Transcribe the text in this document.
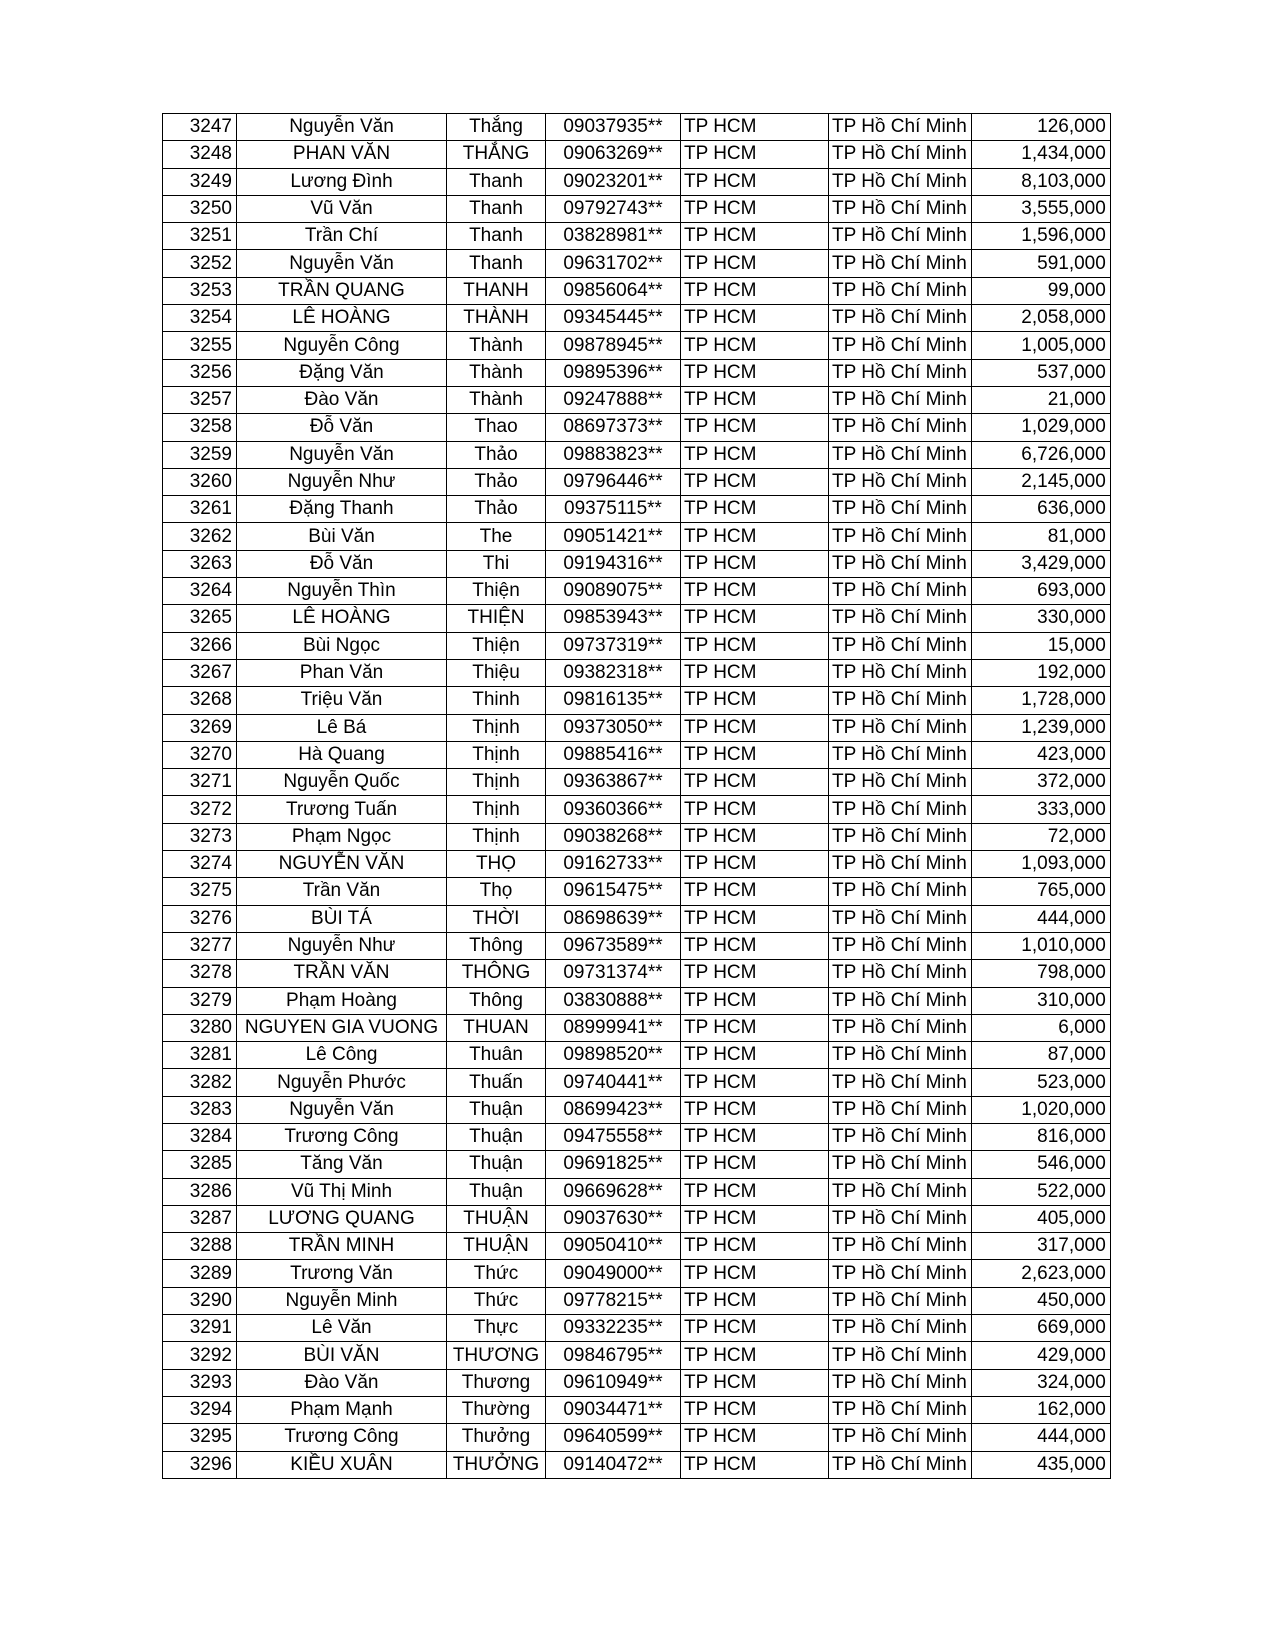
3247	Nguyễn Văn	Thắng	09037935**	TP HCM	TP Hồ Chí Minh	126,000
3248	PHAN VĂN	THẮNG	09063269**	TP HCM	TP Hồ Chí Minh	1,434,000
3249	Lương Đình	Thanh	09023201**	TP HCM	TP Hồ Chí Minh	8,103,000
3250	Vũ Văn	Thanh	09792743**	TP HCM	TP Hồ Chí Minh	3,555,000
3251	Trần Chí	Thanh	03828981**	TP HCM	TP Hồ Chí Minh	1,596,000
3252	Nguyễn Văn	Thanh	09631702**	TP HCM	TP Hồ Chí Minh	591,000
3253	TRẦN QUANG	THANH	09856064**	TP HCM	TP Hồ Chí Minh	99,000
3254	LÊ HOÀNG	THÀNH	09345445**	TP HCM	TP Hồ Chí Minh	2,058,000
3255	Nguyễn Công	Thành	09878945**	TP HCM	TP Hồ Chí Minh	1,005,000
3256	Đặng Văn	Thành	09895396**	TP HCM	TP Hồ Chí Minh	537,000
3257	Đào Văn	Thành	09247888**	TP HCM	TP Hồ Chí Minh	21,000
3258	Đỗ Văn	Thao	08697373**	TP HCM	TP Hồ Chí Minh	1,029,000
3259	Nguyễn Văn	Thảo	09883823**	TP HCM	TP Hồ Chí Minh	6,726,000
3260	Nguyễn Như	Thảo	09796446**	TP HCM	TP Hồ Chí Minh	2,145,000
3261	Đặng Thanh	Thảo	09375115**	TP HCM	TP Hồ Chí Minh	636,000
3262	Bùi Văn	The	09051421**	TP HCM	TP Hồ Chí Minh	81,000
3263	Đỗ Văn	Thi	09194316**	TP HCM	TP Hồ Chí Minh	3,429,000
3264	Nguyễn Thìn	Thiện	09089075**	TP HCM	TP Hồ Chí Minh	693,000
3265	LÊ HOÀNG	THIỆN	09853943**	TP HCM	TP Hồ Chí Minh	330,000
3266	Bùi Ngọc	Thiện	09737319**	TP HCM	TP Hồ Chí Minh	15,000
3267	Phan Văn	Thiệu	09382318**	TP HCM	TP Hồ Chí Minh	192,000
3268	Triệu Văn	Thinh	09816135**	TP HCM	TP Hồ Chí Minh	1,728,000
3269	Lê Bá	Thịnh	09373050**	TP HCM	TP Hồ Chí Minh	1,239,000
3270	Hà Quang	Thịnh	09885416**	TP HCM	TP Hồ Chí Minh	423,000
3271	Nguyễn Quốc	Thịnh	09363867**	TP HCM	TP Hồ Chí Minh	372,000
3272	Trương Tuấn	Thịnh	09360366**	TP HCM	TP Hồ Chí Minh	333,000
3273	Phạm Ngọc	Thịnh	09038268**	TP HCM	TP Hồ Chí Minh	72,000
3274	NGUYỄN VĂN	THỌ	09162733**	TP HCM	TP Hồ Chí Minh	1,093,000
3275	Trần Văn	Thọ	09615475**	TP HCM	TP Hồ Chí Minh	765,000
3276	BÙI TÁ	THỜI	08698639**	TP HCM	TP Hồ Chí Minh	444,000
3277	Nguyễn Như	Thông	09673589**	TP HCM	TP Hồ Chí Minh	1,010,000
3278	TRẦN VĂN	THÔNG	09731374**	TP HCM	TP Hồ Chí Minh	798,000
3279	Phạm Hoàng	Thông	03830888**	TP HCM	TP Hồ Chí Minh	310,000
3280	NGUYEN GIA VUONG	THUAN	08999941**	TP HCM	TP Hồ Chí Minh	6,000
3281	Lê Công	Thuân	09898520**	TP HCM	TP Hồ Chí Minh	87,000
3282	Nguyễn Phước	Thuấn	09740441**	TP HCM	TP Hồ Chí Minh	523,000
3283	Nguyễn Văn	Thuận	08699423**	TP HCM	TP Hồ Chí Minh	1,020,000
3284	Trương Công	Thuận	09475558**	TP HCM	TP Hồ Chí Minh	816,000
3285	Tăng Văn	Thuận	09691825**	TP HCM	TP Hồ Chí Minh	546,000
3286	Vũ Thị Minh	Thuận	09669628**	TP HCM	TP Hồ Chí Minh	522,000
3287	LƯƠNG QUANG	THUẬN	09037630**	TP HCM	TP Hồ Chí Minh	405,000
3288	TRẦN MINH	THUẬN	09050410**	TP HCM	TP Hồ Chí Minh	317,000
3289	Trương Văn	Thức	09049000**	TP HCM	TP Hồ Chí Minh	2,623,000
3290	Nguyễn Minh	Thức	09778215**	TP HCM	TP Hồ Chí Minh	450,000
3291	Lê Văn	Thực	09332235**	TP HCM	TP Hồ Chí Minh	669,000
3292	BÙI VĂN	THƯƠNG	09846795**	TP HCM	TP Hồ Chí Minh	429,000
3293	Đào Văn	Thương	09610949**	TP HCM	TP Hồ Chí Minh	324,000
3294	Phạm Mạnh	Thường	09034471**	TP HCM	TP Hồ Chí Minh	162,000
3295	Trương Công	Thưởng	09640599**	TP HCM	TP Hồ Chí Minh	444,000
3296	KIỀU XUÂN	THƯỞNG	09140472**	TP HCM	TP Hồ Chí Minh	435,000
